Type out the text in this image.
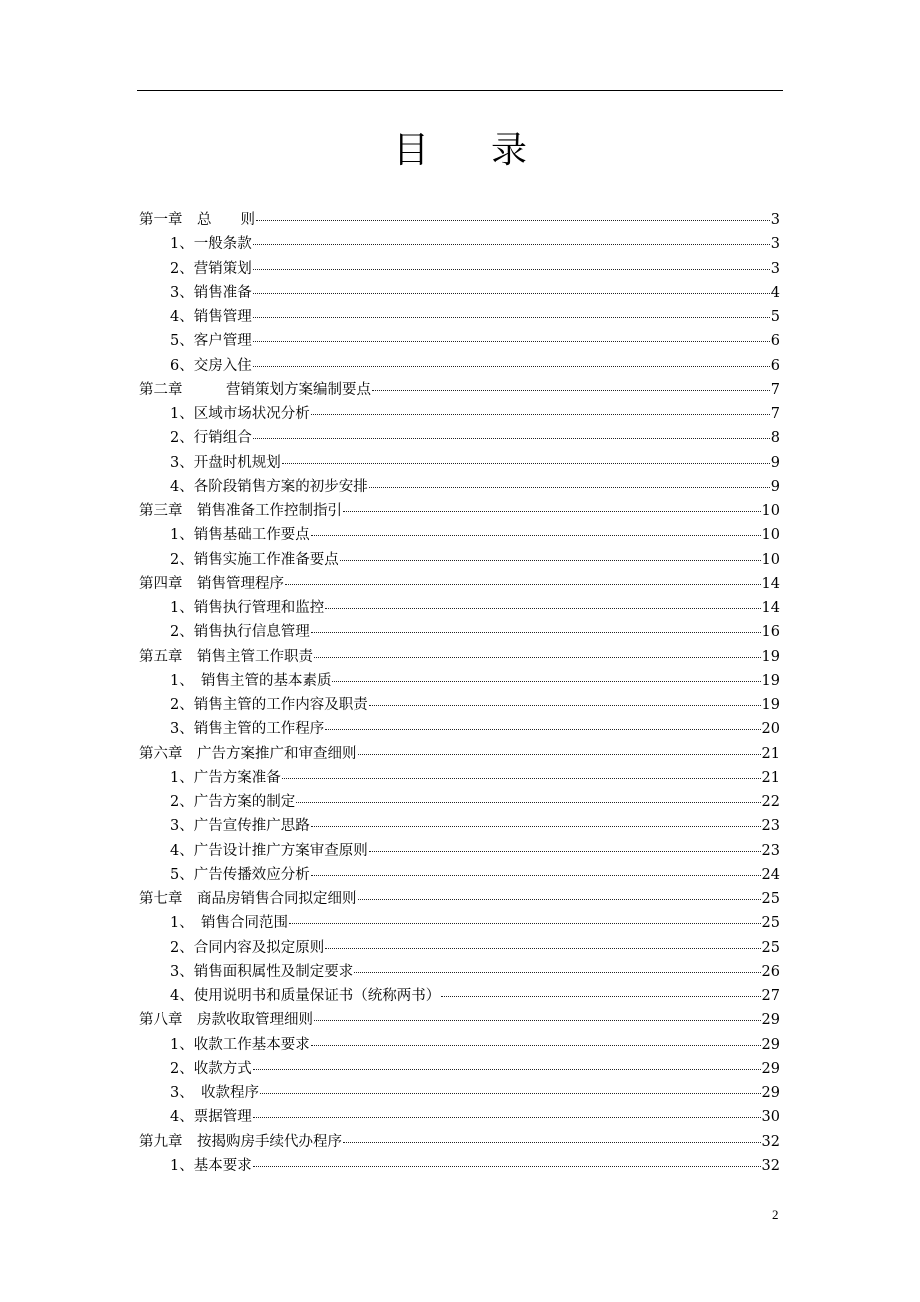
目 录
第一章　总　　则	3
1、一般条款	3
2、营销策划	3
3、销售准备	4
4、销售管理	5
5、客户管理	6
6、交房入住	6
第二章　　　营销策划方案编制要点	7
1、区域市场状况分析	7
2、行销组合	8
3、开盘时机规划	9
4、各阶段销售方案的初步安排	9
第三章　销售准备工作控制指引	10
1、销售基础工作要点	10
2、销售实施工作准备要点	10
第四章　销售管理程序	14
1、销售执行管理和监控	14
2、销售执行信息管理	16
第五章　销售主管工作职责	19
1、　销售主管的基本素质	19
2、销售主管的工作内容及职责	19
3、销售主管的工作程序	20
第六章　广告方案推广和审查细则	21
1、广告方案准备	21
2、广告方案的制定	22
3、广告宣传推广思路	23
4、广告设计推广方案审查原则	23
5、广告传播效应分析	24
第七章　商品房销售合同拟定细则	25
1、　销售合同范围	25
2、合同内容及拟定原则	25
3、销售面积属性及制定要求	26
4、使用说明书和质量保证书（统称两书）	27
第八章　房款收取管理细则	29
1、收款工作基本要求	29
2、收款方式	29
3、　收款程序	29
4、票据管理	30
第九章　按揭购房手续代办程序	32
1、基本要求	32
2
